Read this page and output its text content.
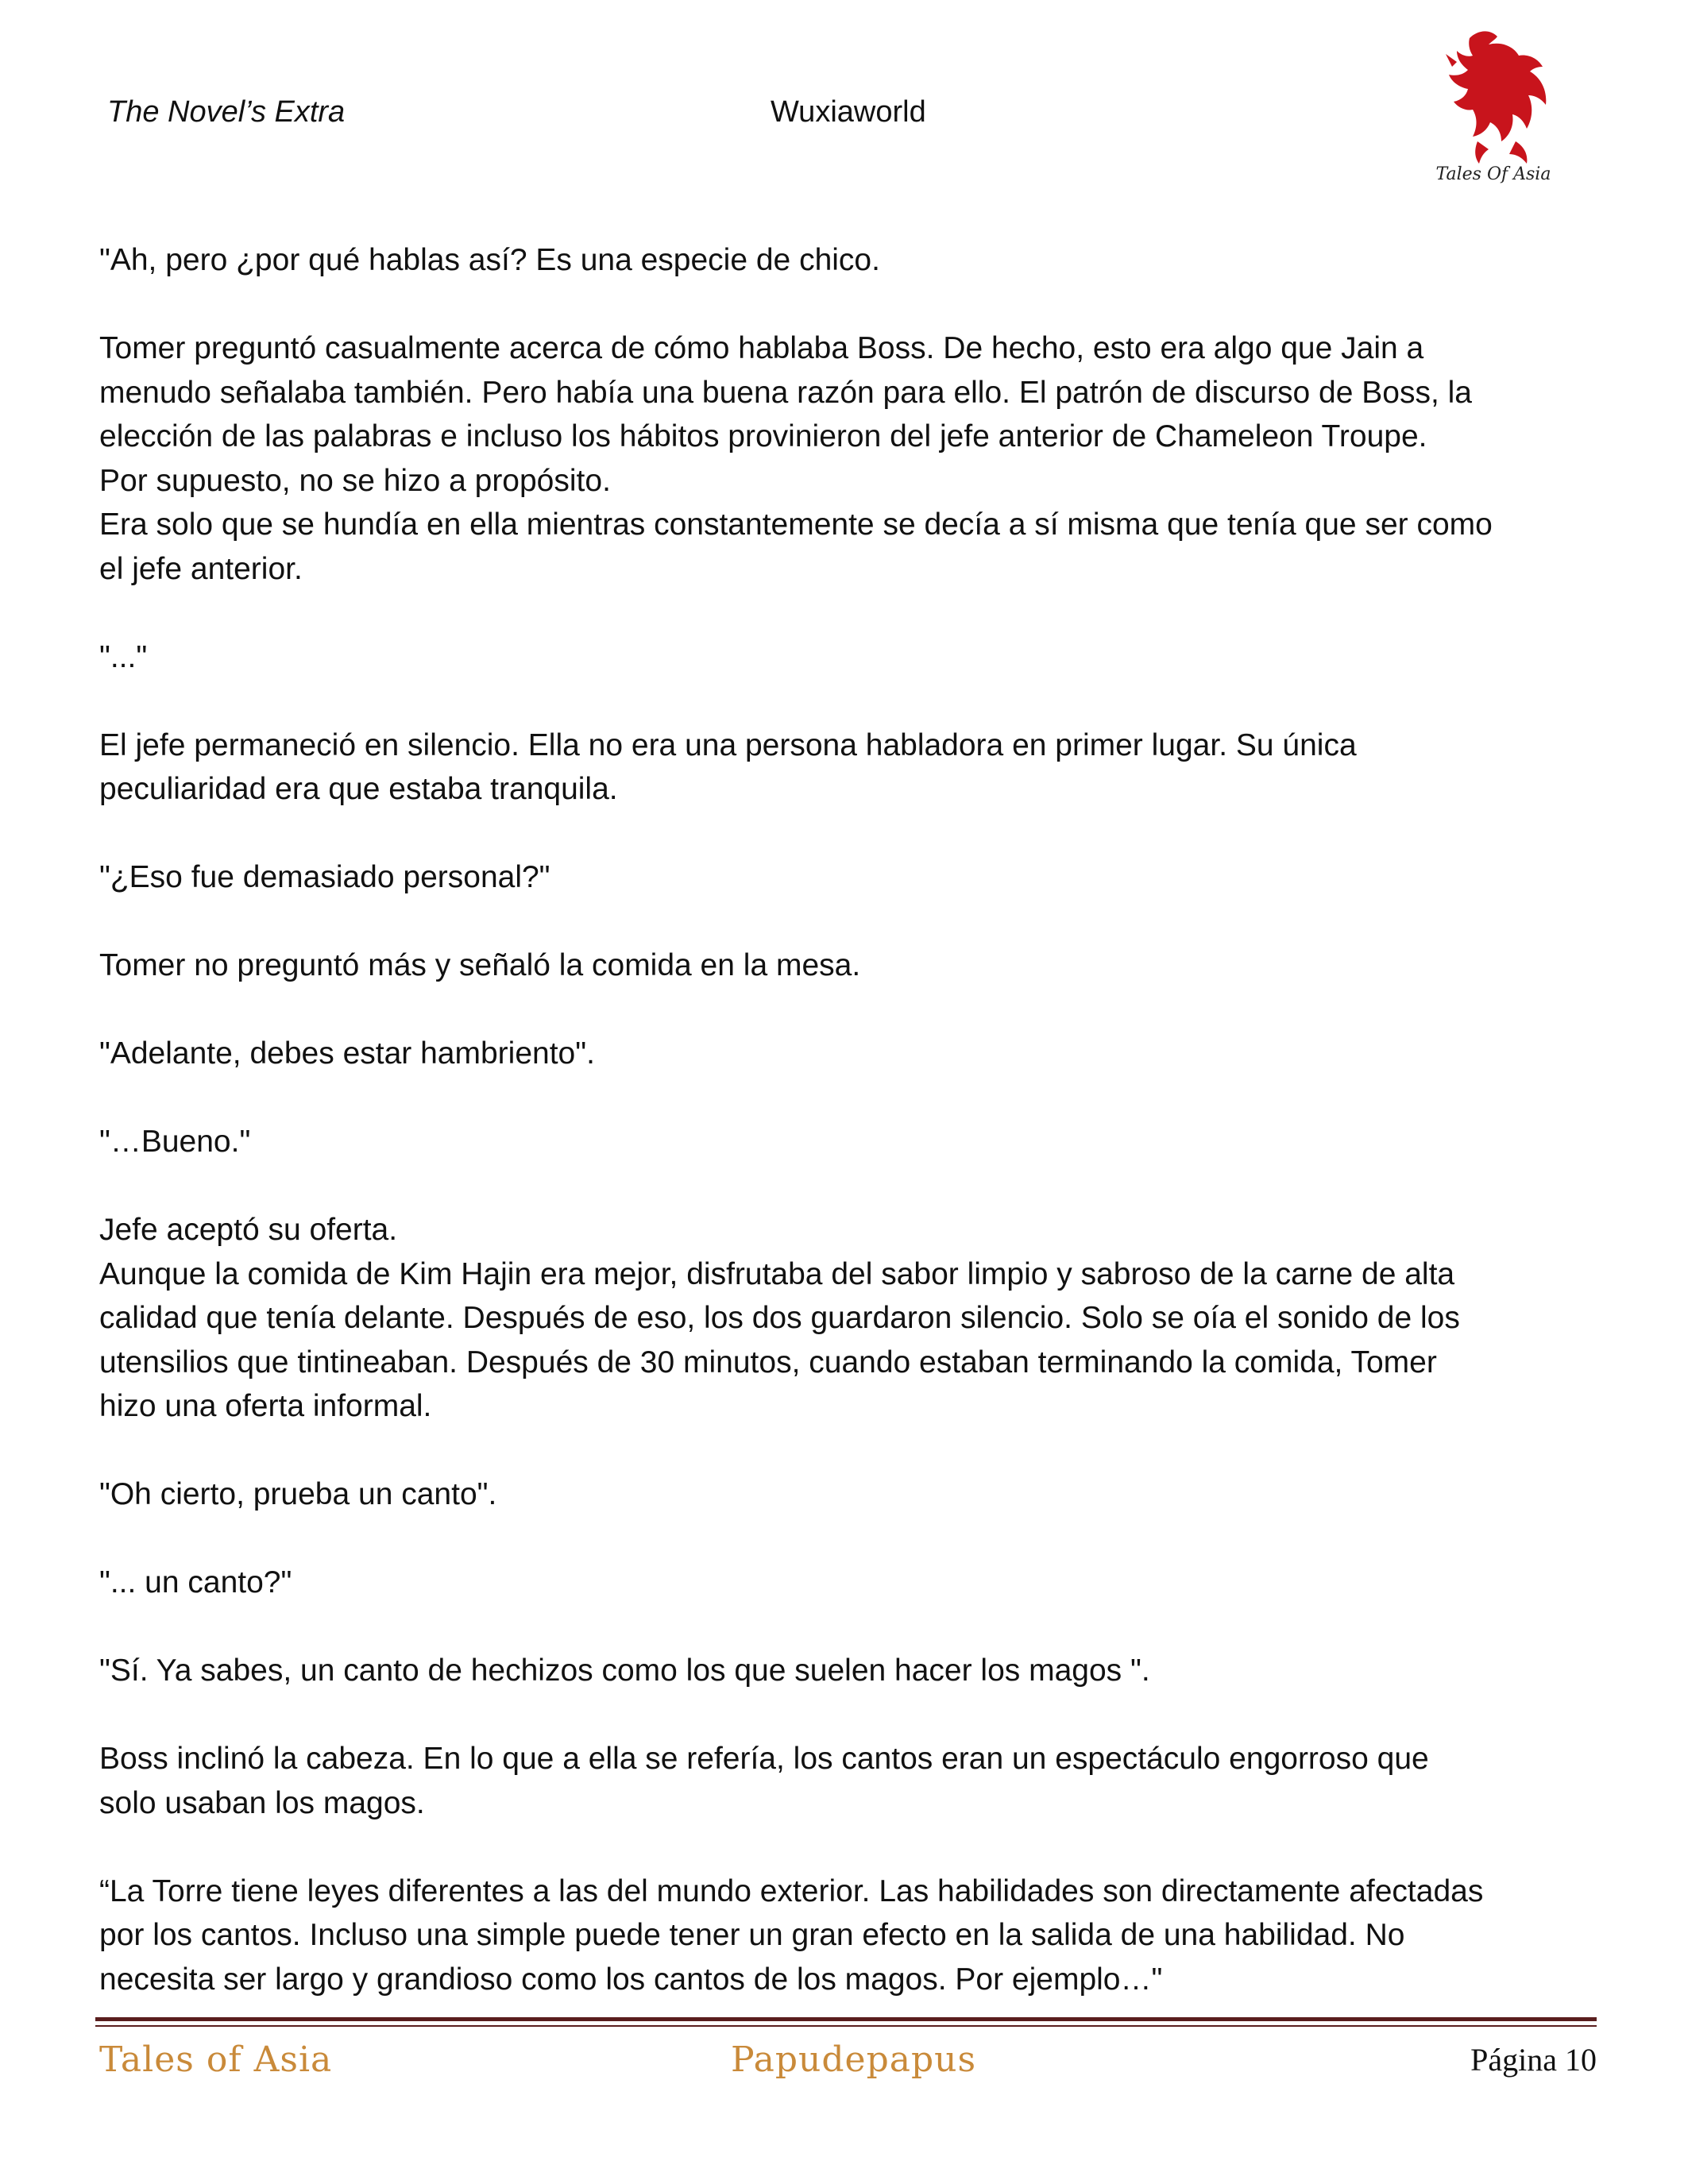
The Novel’s Extra	Wuxiaworld
Tales Of Asia

"Ah, pero ¿por qué hablas así? Es una especie de chico.

Tomer preguntó casualmente acerca de cómo hablaba Boss. De hecho, esto era algo que Jain a

menudo señalaba también. Pero había una buena razón para ello. El patrón de discurso de Boss, la

elección de las palabras e incluso los hábitos provinieron del jefe anterior de Chameleon Troupe.

Por supuesto, no se hizo a propósito.

Era solo que se hundía en ella mientras constantemente se decía a sí misma que tenía que ser como

el jefe anterior.

"..."

El jefe permaneció en silencio. Ella no era una persona habladora en primer lugar. Su única

peculiaridad era que estaba tranquila.

"¿Eso fue demasiado personal?"

Tomer no preguntó más y señaló la comida en la mesa.

"Adelante, debes estar hambriento".

"…Bueno."

Jefe aceptó su oferta.

Aunque la comida de Kim Hajin era mejor, disfrutaba del sabor limpio y sabroso de la carne de alta

calidad que tenía delante. Después de eso, los dos guardaron silencio. Solo se oía el sonido de los

utensilios que tintineaban. Después de 30 minutos, cuando estaban terminando la comida, Tomer

hizo una oferta informal.

"Oh cierto, prueba un canto".

"... un canto?"

"Sí. Ya sabes, un canto de hechizos como los que suelen hacer los magos ".

Boss inclinó la cabeza. En lo que a ella se refería, los cantos eran un espectáculo engorroso que

solo usaban los magos.

“La Torre tiene leyes diferentes a las del mundo exterior. Las habilidades son directamente afectadas

por los cantos. Incluso una simple puede tener un gran efecto en la salida de una habilidad. No

necesita ser largo y grandioso como los cantos de los magos. Por ejemplo…"

Tales of Asia	Papudepapus	Página 10
